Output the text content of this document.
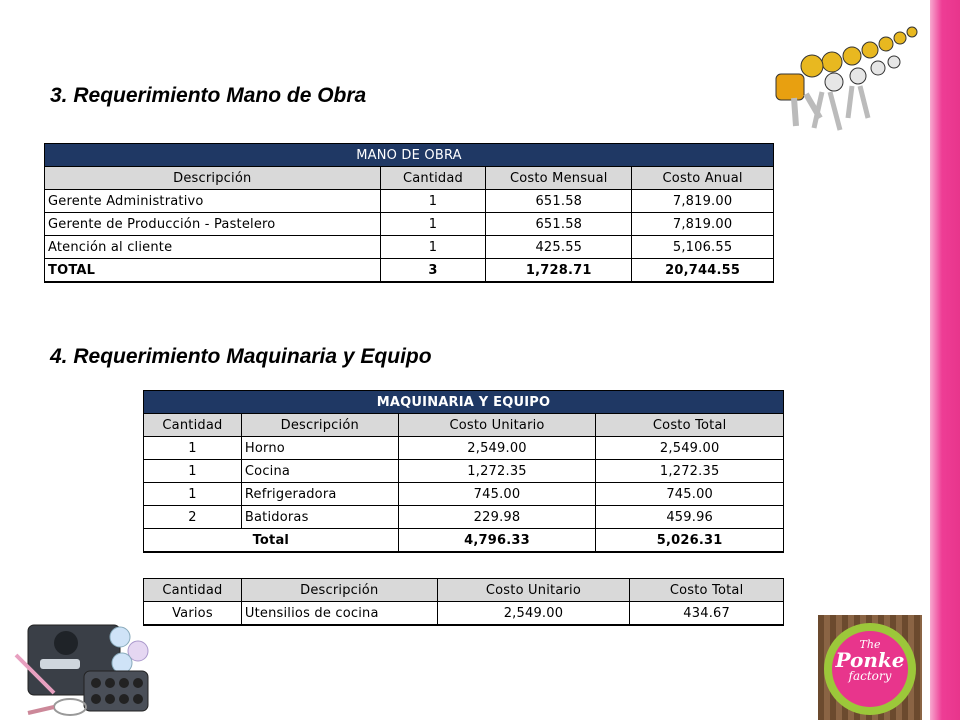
3. Requerimiento Mano de Obra
MANO DE OBRA			
Descripción	Cantidad	Costo Mensual	Costo Anual
Gerente Administrativo	1	651.58	7,819.00
Gerente de Producción - Pastelero	1	651.58	7,819.00
Atención al cliente	1	425.55	5,106.55
TOTAL	3	1,728.71	20,744.55
4. Requerimiento Maquinaria y Equipo
MAQUINARIA Y EQUIPO			
Cantidad	Descripción	Costo Unitario	Costo Total
1	Horno	2,549.00	2,549.00
1	Cocina	1,272.35	1,272.35
1	Refrigeradora	745.00	745.00
2	Batidoras	229.98	459.96
Total		4,796.33	5,026.31
Cantidad	Descripción	Costo Unitario	Costo Total
Varios	Utensilios de cocina	2,549.00	434.67
The
Ponke
factory
